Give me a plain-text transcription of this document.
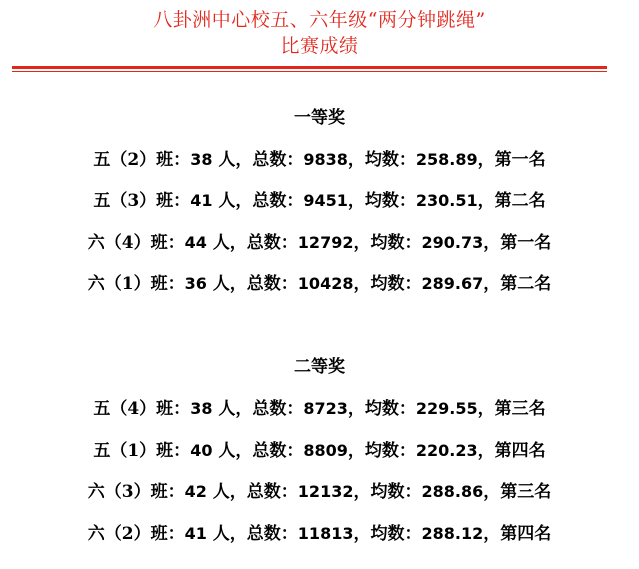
八卦洲中心校五、六年级“两分钟跳绳”
比赛成绩
一等奖
五（2）班：38 人，总数：9838，均数：258.89，第一名
五（3）班：41 人，总数：9451，均数：230.51，第二名
六（4）班：44 人，总数：12792，均数：290.73，第一名
六（1）班：36 人，总数：10428，均数：289.67，第二名
二等奖
五（4）班：38 人，总数：8723，均数：229.55，第三名
五（1）班：40 人，总数：8809，均数：220.23，第四名
六（3）班：42 人，总数：12132，均数：288.86，第三名
六（2）班：41 人，总数：11813，均数：288.12，第四名
